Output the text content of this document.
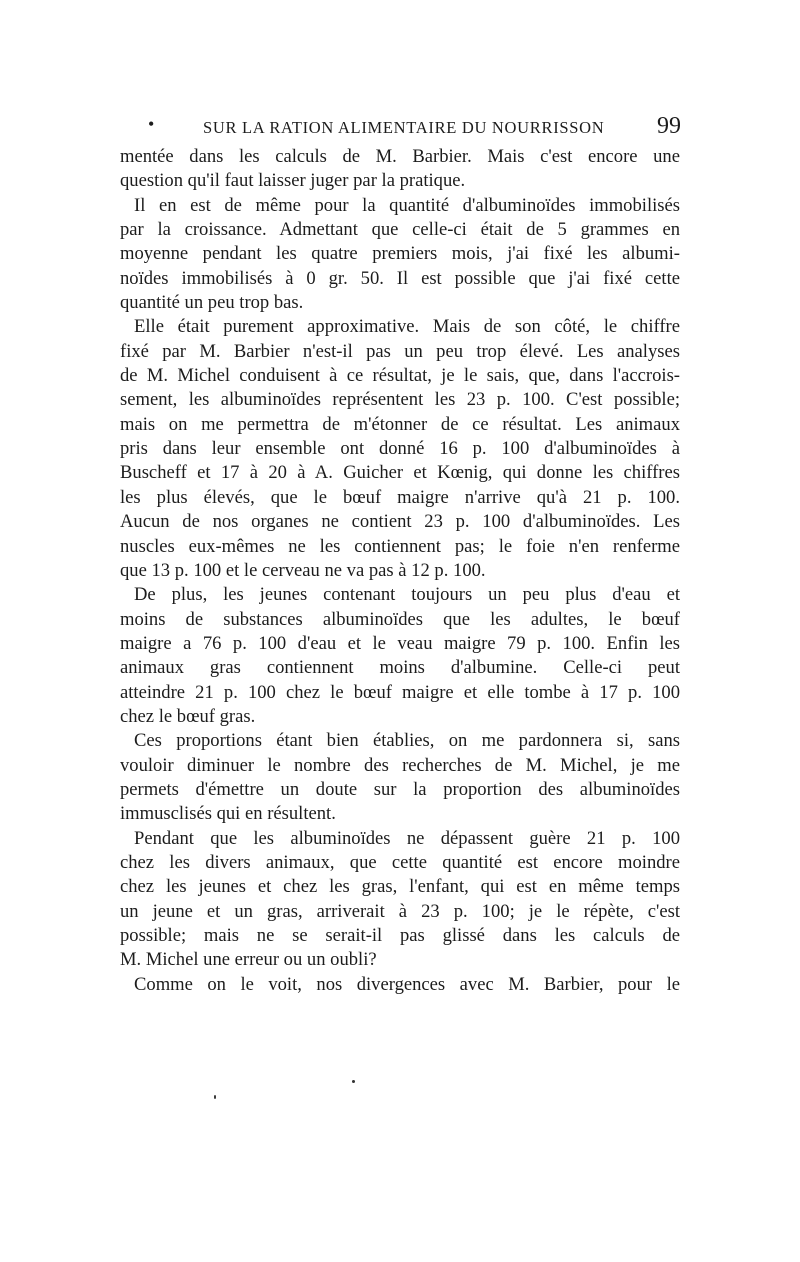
•	SUR LA RATION ALIMENTAIRE DU NOURRISSON 99
mentée dans les calculs de M. Barbier. Mais c'est encore une
question qu'il faut laisser juger par la pratique.
Il en est de même pour la quantité d'albuminoïdes immobilisés
par la croissance. Admettant que celle-ci était de 5 grammes en
moyenne pendant les quatre premiers mois, j'ai fixé les albumi-
noïdes immobilisés à 0 gr. 50. Il est possible que j'ai fixé cette
quantité un peu trop bas.
Elle était purement approximative. Mais de son côté, le chiffre
fixé par M. Barbier n'est-il pas un peu trop élevé. Les analyses
de M. Michel conduisent à ce résultat, je le sais, que, dans l'accrois-
sement, les albuminoïdes représentent les 23 p. 100. C'est possible;
mais on me permettra de m'étonner de ce résultat. Les animaux
pris dans leur ensemble ont donné 16 p. 100 d'albuminoïdes à
Buscheff et 17 à 20 à A. Guicher et Kœnig, qui donne les chiffres
les plus élevés, que le bœuf maigre n'arrive qu'à 21 p. 100.
Aucun de nos organes ne contient 23 p. 100 d'albuminoïdes. Les
nuscles eux-mêmes ne les contiennent pas; le foie n'en renferme
que 13 p. 100 et le cerveau ne va pas à 12 p. 100.
De plus, les jeunes contenant toujours un peu plus d'eau et
moins de substances albuminoïdes que les adultes, le bœuf
maigre a 76 p. 100 d'eau et le veau maigre 79 p. 100. Enfin les
animaux gras contiennent moins d'albumine. Celle-ci peut
atteindre 21 p. 100 chez le bœuf maigre et elle tombe à 17 p. 100
chez le bœuf gras.
Ces proportions étant bien établies, on me pardonnera si, sans
vouloir diminuer le nombre des recherches de M. Michel, je me
permets d'émettre un doute sur la proportion des albuminoïdes
immusclisés qui en résultent.
Pendant que les albuminoïdes ne dépassent guère 21 p. 100
chez les divers animaux, que cette quantité est encore moindre
chez les jeunes et chez les gras, l'enfant, qui est en même temps
un jeune et un gras, arriverait à 23 p. 100; je le répète, c'est
possible; mais ne se serait-il pas glissé dans les calculs de
M. Michel une erreur ou un oubli?
Comme on le voit, nos divergences avec M. Barbier, pour le
